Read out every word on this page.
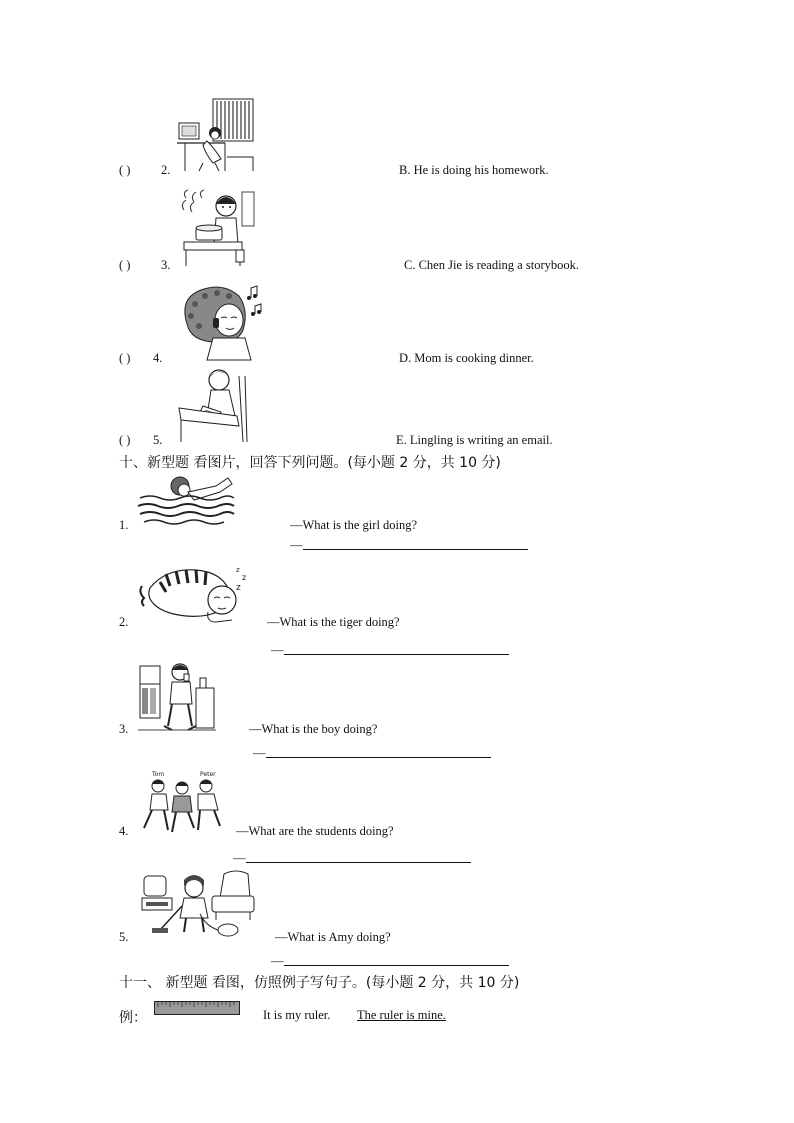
( ) 2.	B. He is doing his homework.
( ) 3.	C. Chen Jie is reading a storybook.
( ) 4.	D. Mom is cooking dinner.
( ) 5.	E. Lingling is writing an email.
十、新型题 看图片，回答下列问题。(每小题 2 分，共 10 分)
1.	—What is the girl doing?
—
z
z
z
2.	—What is the tiger doing?
—
3.	—What is the boy doing?
—
Tom	Peter
4.	—What are the students doing?
—
5.	—What is Amy doing?
—
十一、 新型题 看图，仿照例子写句子。(每小题 2 分，共 10 分)
例：	It is my ruler. The ruler is mine.
